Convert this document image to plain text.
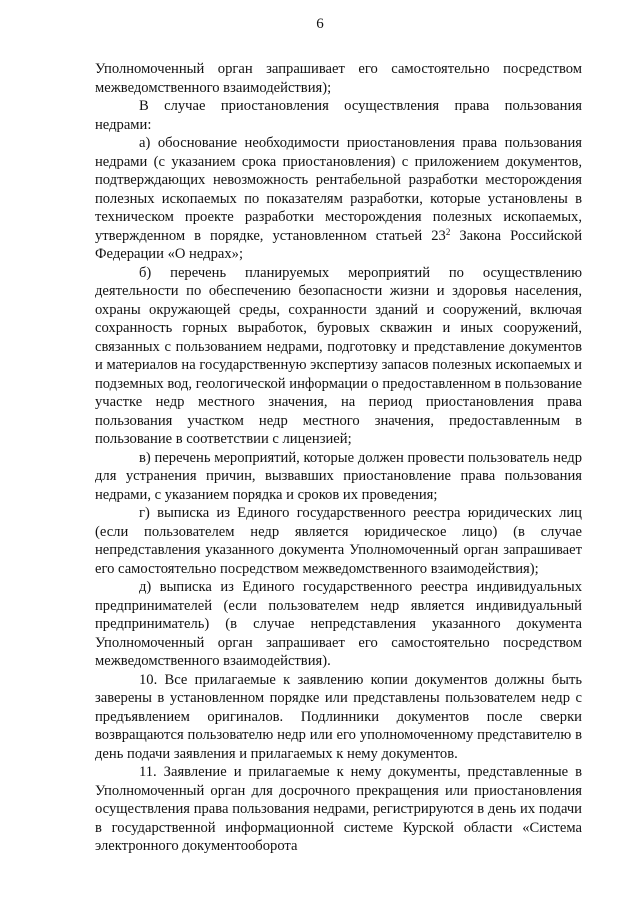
6

Уполномоченный орган запрашивает его самостоятельно посредством межведомственного взаимодействия);

В случае приостановления осуществления права пользования недрами:

а) обоснование необходимости приостановления права пользования недрами (с указанием срока приостановления) с приложением документов, подтверждающих невозможность рентабельной разработки месторождения полезных ископаемых по показателям разработки, которые установлены в техническом проекте разработки месторождения полезных ископаемых, утвержденном в порядке, установленном статьей $23^2$ Закона Российской Федерации «О недрах»;

б) перечень планируемых мероприятий по осуществлению деятельности по обеспечению безопасности жизни и здоровья населения, охраны окружающей среды, сохранности зданий и сооружений, включая сохранность горных выработок, буровых скважин и иных сооружений, связанных с пользованием недрами, подготовку и представление документов и материалов на государственную экспертизу запасов полезных ископаемых и подземных вод, геологической информации о предоставленном в пользование участке недр местного значения, на период приостановления права пользования участком недр местного значения, предоставленным в пользование в соответствии с лицензией;

в) перечень мероприятий, которые должен провести пользователь недр для устранения причин, вызвавших приостановление права пользования недрами, с указанием порядка и сроков их проведения;

г) выписка из Единого государственного реестра юридических лиц (если пользователем недр является юридическое лицо) (в случае непредставления указанного документа Уполномоченный орган запрашивает его самостоятельно посредством межведомственного взаимодействия);

д) выписка из Единого государственного реестра индивидуальных предпринимателей (если пользователем недр является индивидуальный предприниматель) (в случае непредставления указанного документа Уполномоченный орган запрашивает его самостоятельно посредством межведомственного взаимодействия).

10. Все прилагаемые к заявлению копии документов должны быть заверены в установленном порядке или представлены пользователем недр с предъявлением оригиналов. Подлинники документов после сверки возвращаются пользователю недр или его уполномоченному представителю в день подачи заявления и прилагаемых к нему документов.

11. Заявление и прилагаемые к нему документы, представленные в Уполномоченный орган для досрочного прекращения или приостановления осуществления права пользования недрами, регистрируются в день их подачи в государственной информационной системе Курской области «Система электронного документооборота
